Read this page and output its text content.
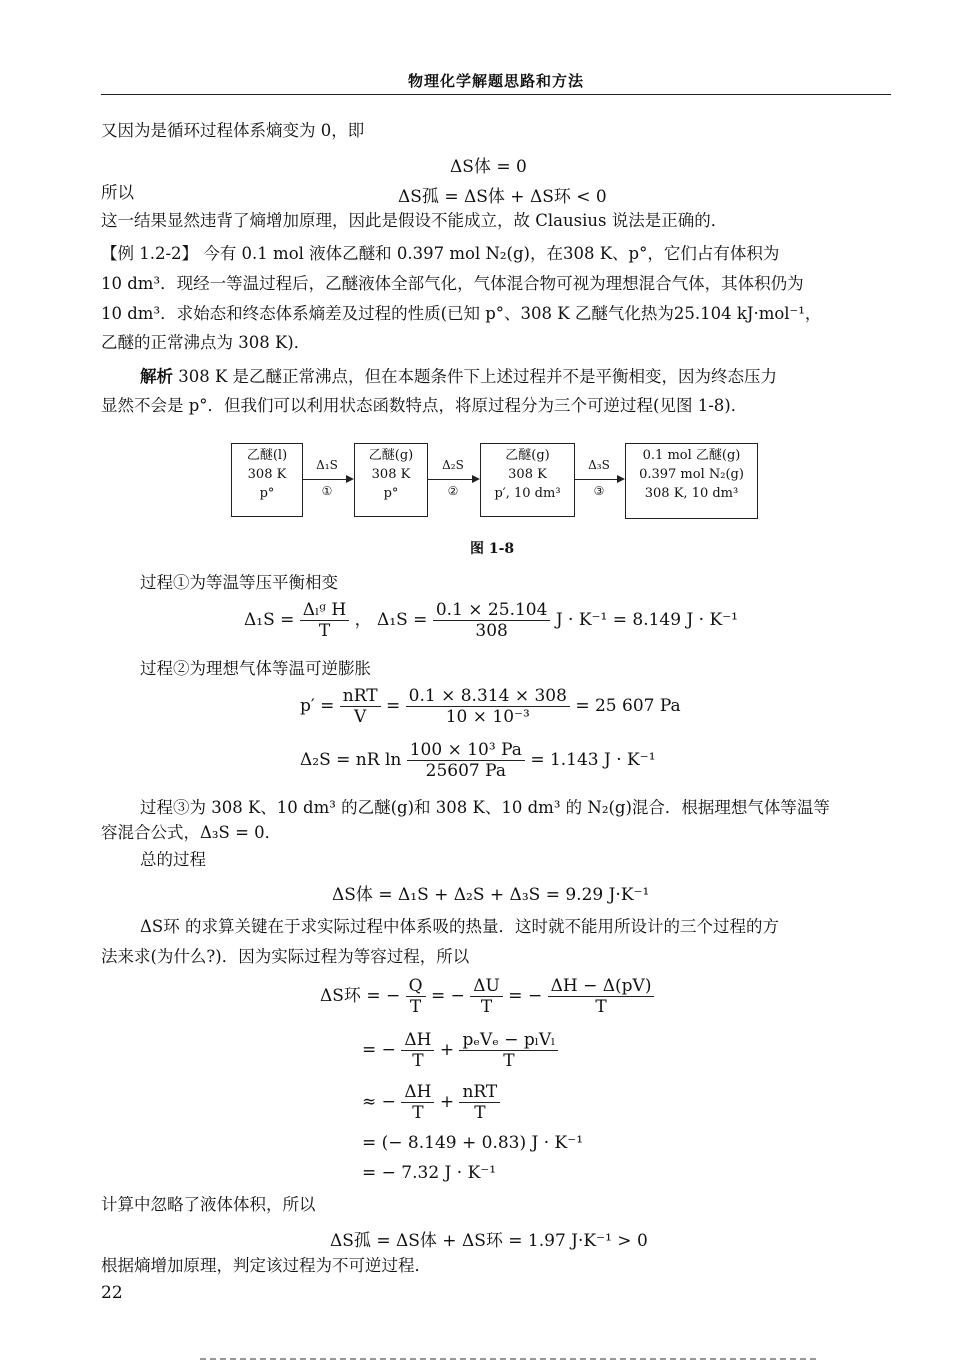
物理化学解题思路和方法
又因为是循环过程体系熵变为 0，即
ΔS体 = 0
所以	ΔS孤 = ΔS体 + ΔS环 < 0
这一结果显然违背了熵增加原理，因此是假设不能成立，故 Clausius 说法是正确的．
【例 1.2-2】 今有 0.1 mol 液体乙醚和 0.397 mol N₂(g)，在308 K、p°，它们占有体积为
10 dm³．现经一等温过程后，乙醚液体全部气化，气体混合物可视为理想混合气体，其体积仍为
10 dm³．求始态和终态体系熵差及过程的性质(已知 p°、308 K 乙醚气化热为25.104 kJ·mol⁻¹，
乙醚的正常沸点为 308 K)．
解析 308 K 是乙醚正常沸点，但在本题条件下上述过程并不是平衡相变，因为终态压力
显然不会是 p°．但我们可以利用状态函数特点，将原过程分为三个可逆过程(见图 1-8)．
乙醚(l)
308 K
p°
Δ₁S
①
乙醚(g)
308 K
p°
Δ₂S
②
乙醚(g)
308 K
p′, 10 dm³
Δ₃S
③
0.1 mol 乙醚(g)
0.397 mol N₂(g)
308 K, 10 dm³
图 1-8
过程①为等温等压平衡相变
$\Delta_1S = \frac{\text{Δₗᵍ H}}{T}$ ， $\Delta_1S = \frac{0.1 \times 25.104}{308}$ J · K⁻¹ = 8.149 J · K⁻¹
过程②为理想气体等温可逆膨胀
$p' = \frac{\text{nRT}}{V} = \frac{0.1 \times 8.314 \times 308}{\text{10 × 10⁻³}} = 25$ 607 Pa
Δ₂S = nR $\ln \frac{\text{100 × 10³ Pa}}{25607 Pa} = 1.143$ J · K⁻¹
过程③为 308 K、10 dm³ 的乙醚(g)和 308 K、10 dm³ 的 N₂(g)混合．根据理想气体等温等
容混合公式，Δ₃S = 0．
总的过程
ΔS体 = Δ₁S + Δ₂S + Δ₃S = 9.29 J·K⁻¹
ΔS环 的求算关键在于求实际过程中体系吸的热量．这时就不能用所设计的三个过程的方
法来求(为什么?)．因为实际过程为等容过程，所以
ΔS环 = − $\frac{Q}{T}$ = − $\frac{\Delta U}{T}$ = − $\frac{\Delta H - \Delta(pV)}{T}$
= − $\frac{\Delta H}{T} + \frac{\text{pₑVₑ − pₗVₗ}}{T}$
≈ − $\frac{\Delta H}{T} + \frac{\text{nRT}}{T}$
= (− 8.149 + 0.83) J · K⁻¹
= − 7.32 J · K⁻¹
计算中忽略了液体体积，所以
ΔS孤 = ΔS体 + ΔS环 = 1.97 J·K⁻¹ > 0
根据熵增加原理，判定该过程为不可逆过程．
22
